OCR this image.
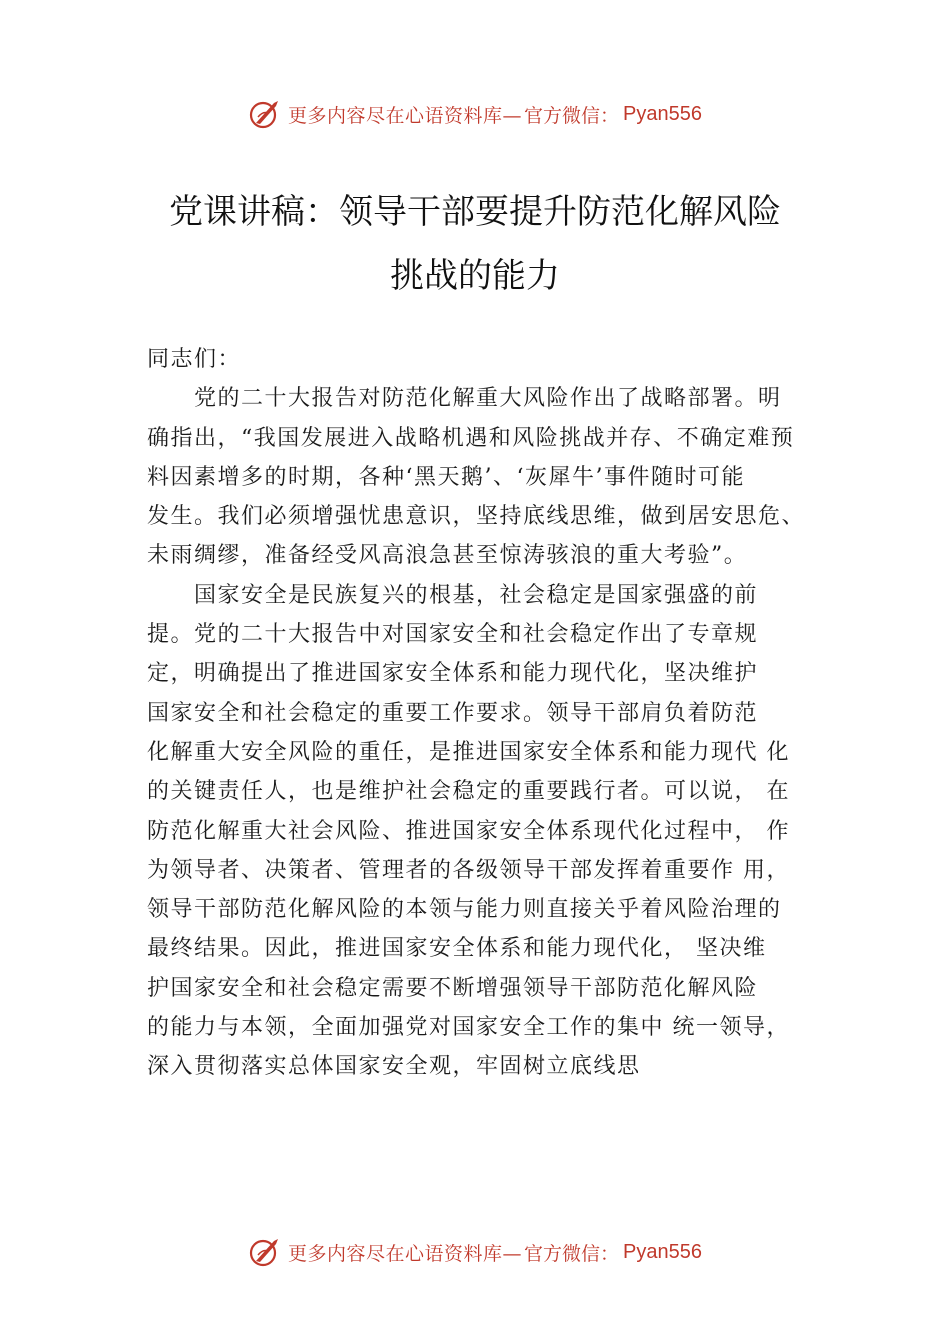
更多内容尽在心语资料库— 官方微信： Pyan556
党课讲稿：领导干部要提升防范化解风险
挑战的能力
同志们：
　　党的二十大报告对防范化解重大风险作出了战略部署。明
确指出，“我国发展进入战略机遇和风险挑战并存、不确定难预
料因素增多的时期，各种‘黑天鹅’、‘灰犀牛’事件随时可能
发生。我们必须增强忧患意识，坚持底线思维，做到居安思危、
未雨绸缪，准备经受风高浪急甚至惊涛骇浪的重大考验”。
　　国家安全是民族复兴的根基，社会稳定是国家强盛的前
提。党的二十大报告中对国家安全和社会稳定作出了专章规
定，明确提出了推进国家安全体系和能力现代化，坚决维护
国家安全和社会稳定的重要工作要求。领导干部肩负着防范
化解重大安全风险的重任，是推进国家安全体系和能力现代 化
的关键责任人，也是维护社会稳定的重要践行者。可以说， 在
防范化解重大社会风险、推进国家安全体系现代化过程中， 作
为领导者、决策者、管理者的各级领导干部发挥着重要作 用，
领导干部防范化解风险的本领与能力则直接关乎着风险治理的
最终结果。因此，推进国家安全体系和能力现代化， 坚决维
护国家安全和社会稳定需要不断增强领导干部防范化解风险
的能力与本领，全面加强党对国家安全工作的集中 统一领导，
深入贯彻落实总体国家安全观，牢固树立底线思
更多内容尽在心语资料库— 官方微信： Pyan556
